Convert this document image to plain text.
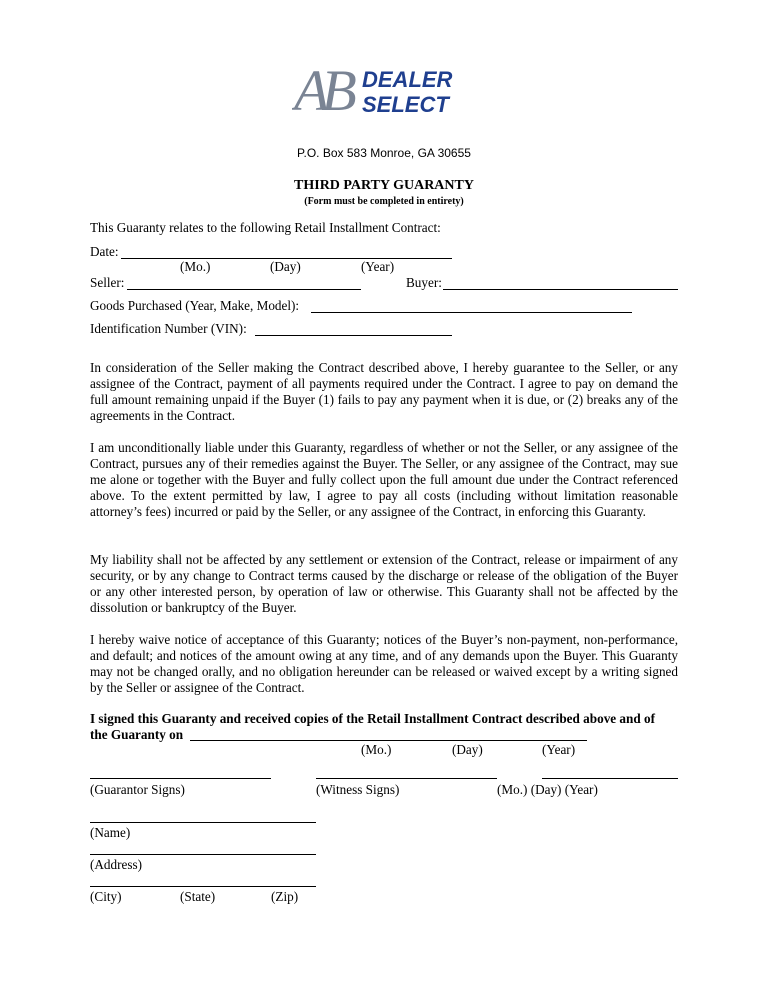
AB DEALER
SELECT
P.O. Box 583 Monroe, GA 30655
THIRD PARTY GUARANTY
(Form must be completed in entirety)
This Guaranty relates to the following Retail Installment Contract:
Date:
(Mo.)	(Day)	(Year)
Seller:	Buyer:
Goods Purchased (Year, Make, Model):
Identification Number (VIN):
In consideration of the Seller making the Contract described above, I hereby guarantee to the Seller, or any assignee of the Contract, payment of all payments required under the Contract. I agree to pay on demand the full amount remaining unpaid if the Buyer (1) fails to pay any payment when it is due, or (2) breaks any of the agreements in the Contract.
I am unconditionally liable under this Guaranty, regardless of whether or not the Seller, or any assignee of the Contract, pursues any of their remedies against the Buyer. The Seller, or any assignee of the Contract, may sue me alone or together with the Buyer and fully collect upon the full amount due under the Contract referenced above. To the extent permitted by law, I agree to pay all costs (including without limitation reasonable attorney’s fees) incurred or paid by the Seller, or any assignee of the Contract, in enforcing this Guaranty.
My liability shall not be affected by any settlement or extension of the Contract, release or impairment of any security, or by any change to Contract terms caused by the discharge or release of the obligation of the Buyer or any other interested person, by operation of law or otherwise. This Guaranty shall not be affected by the dissolution or bankruptcy of the Buyer.
I hereby waive notice of acceptance of this Guaranty; notices of the Buyer’s non-payment, non-performance, and default; and notices of the amount owing at any time, and of any demands upon the Buyer. This Guaranty may not be changed orally, and no obligation hereunder can be released or waived except by a writing signed by the Seller or assignee of the Contract.
I signed this Guaranty and received copies of the Retail Installment Contract described above and of
the Guaranty on
(Mo.)	(Day)	(Year)
(Guarantor Signs)	(Witness Signs)	(Mo.) (Day) (Year)
(Name)
(Address)
(City)	(State)	(Zip)
